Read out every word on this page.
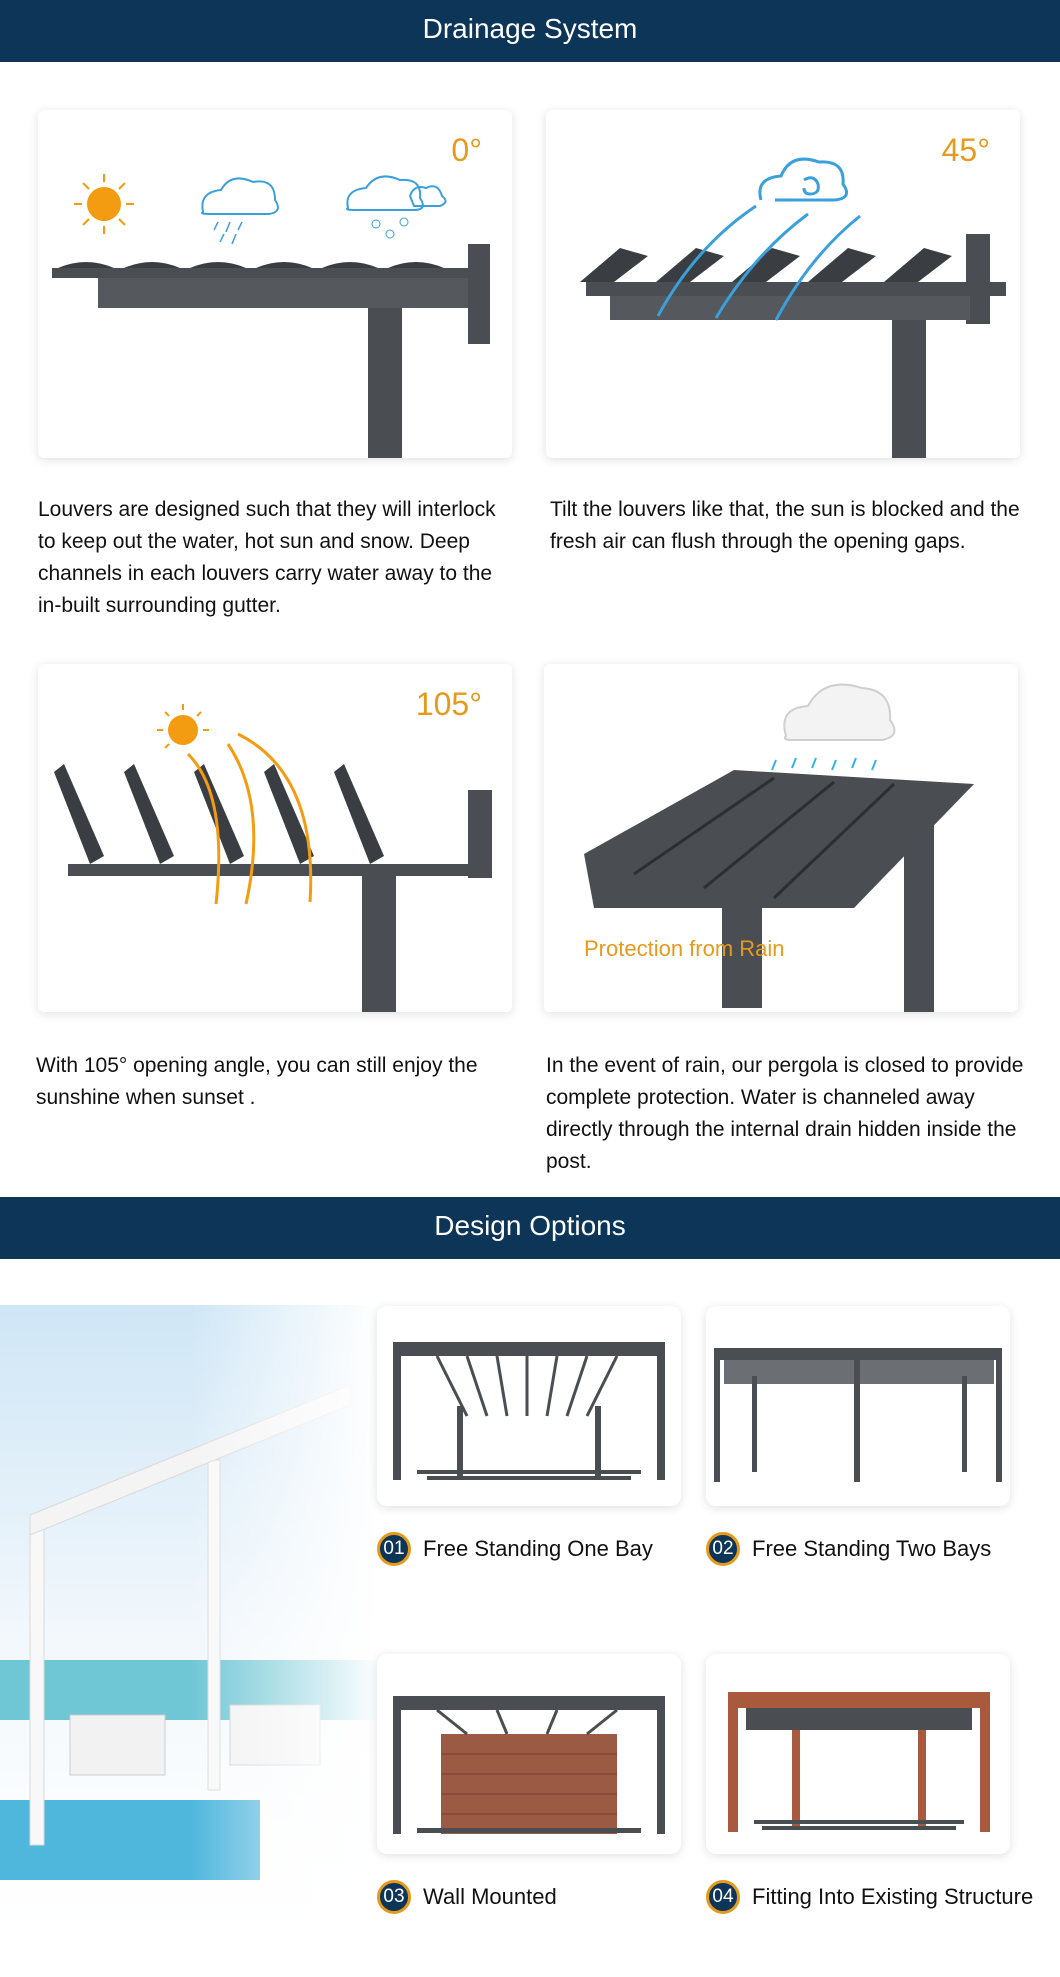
Drainage System
0°	45°
Louvers are designed such that they will interlock to keep out the water, hot sun and snow. Deep channels in each louvers carry water away to the in-built surrounding gutter.
Tilt the louvers like that, the sun is blocked and the fresh air can flush through the opening gaps.
105°
Protection from Rain
With 105° opening angle, you can still enjoy the sunshine when sunset .
In the event of rain, our pergola is closed to provide complete protection. Water is channeled away directly through the internal drain hidden inside the post.
Design Options
01 Free Standing One Bay	02 Free Standing Two Bays
03 Wall Mounted	04 Fitting Into Existing Structure
